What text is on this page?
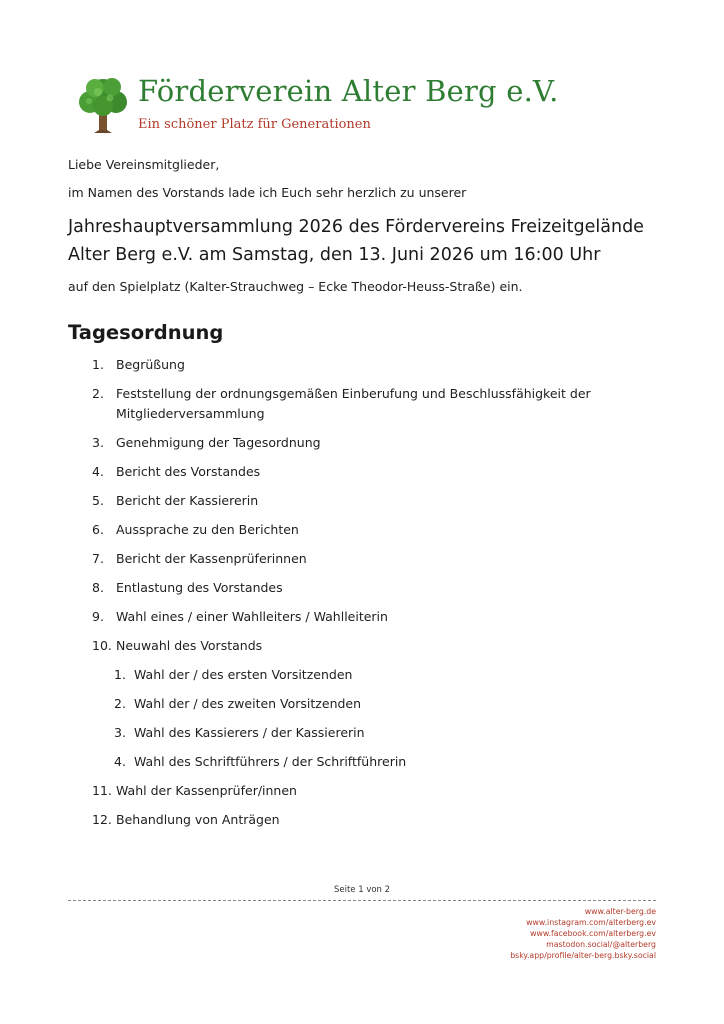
Förderverein Alter Berg e.V.
Ein schöner Platz für Generationen
Liebe Vereinsmitglieder,
im Namen des Vorstands lade ich Euch sehr herzlich zu unserer
Jahreshauptversammlung 2026 des Fördervereins Freizeitgelände
Alter Berg e.V. am Samstag, den 13. Juni 2026 um 16:00 Uhr
auf den Spielplatz (Kalter-Strauchweg – Ecke Theodor-Heuss-Straße) ein.
Tagesordnung
1. Begrüßung
2. Feststellung der ordnungsgemäßen Einberufung und Beschlussfähigkeit der
Mitgliederversammlung
3. Genehmigung der Tagesordnung
4. Bericht des Vorstandes
5. Bericht der Kassiererin
6. Aussprache zu den Berichten
7. Bericht der Kassenprüferinnen
8. Entlastung des Vorstandes
9. Wahl eines / einer Wahlleiters / Wahlleiterin
10. Neuwahl des Vorstands
1. Wahl der / des ersten Vorsitzenden
2. Wahl der / des zweiten Vorsitzenden
3. Wahl des Kassierers / der Kassiererin
4. Wahl des Schriftführers / der Schriftführerin
11. Wahl der Kassenprüfer/innen
12. Behandlung von Anträgen
Seite 1 von 2
www.alter-berg.de
www.instagram.com/alterberg.ev
www.facebook.com/alterberg.ev
mastodon.social/@alterberg
bsky.app/profile/alter-berg.bsky.social
